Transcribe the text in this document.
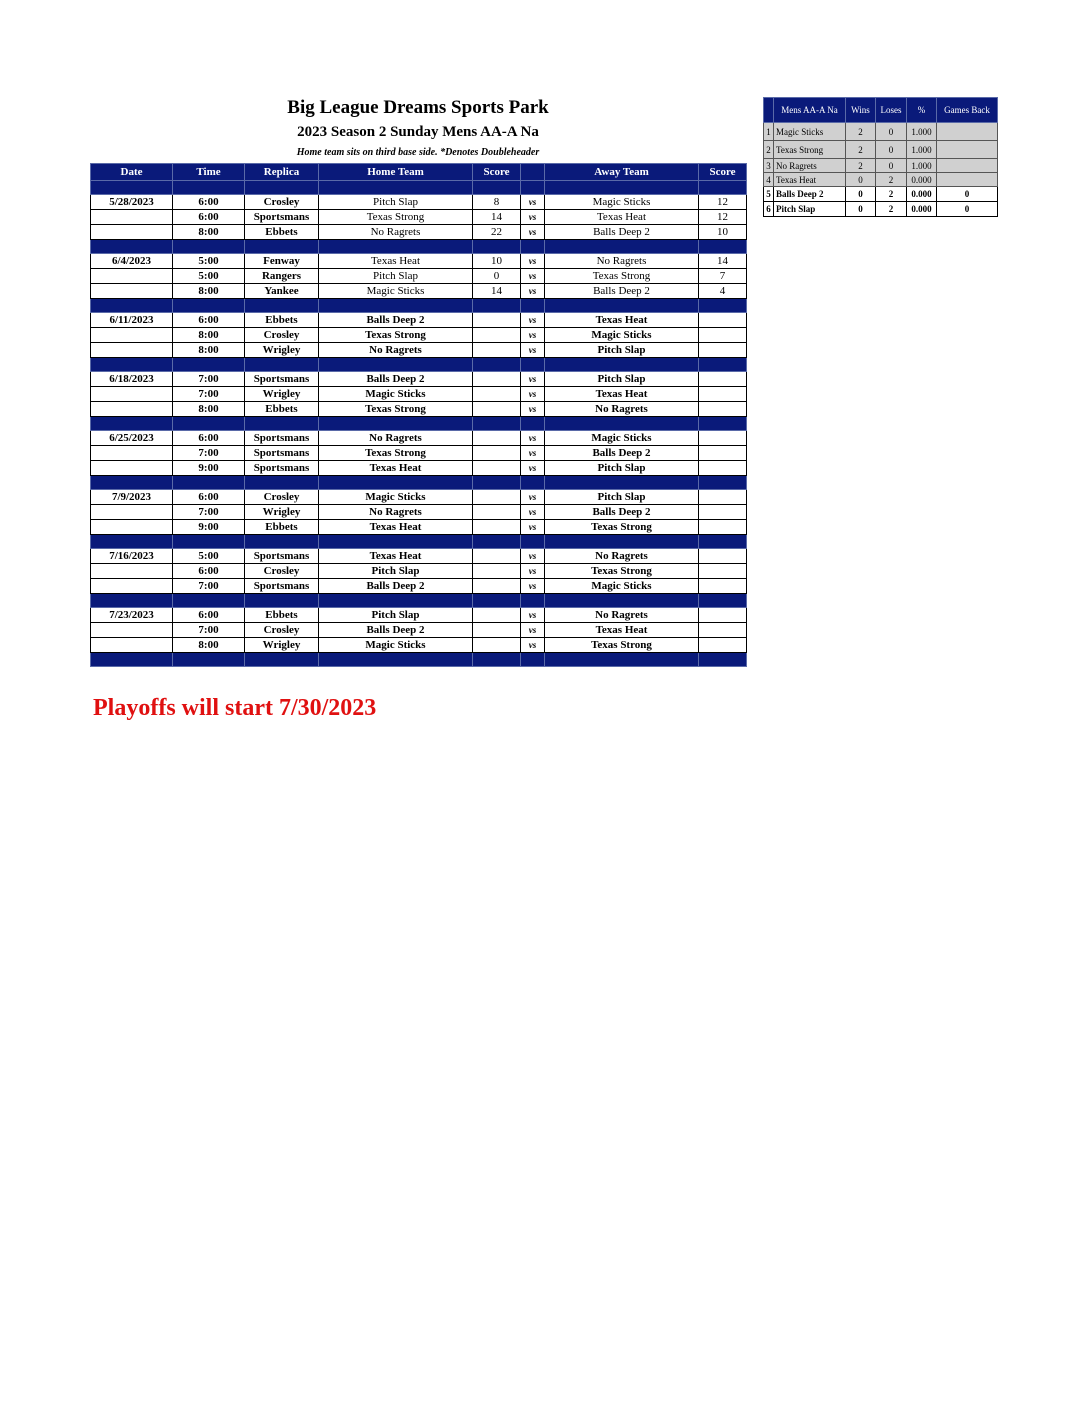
Big League Dreams Sports Park
2023 Season 2 Sunday Mens AA-A Na
Home team sits on third base side. *Denotes Doubleheader
Date	Time	Replica	Home Team	Score		Away Team	Score

5/28/2023	6:00	Crosley	Pitch Slap	8	vs	Magic Sticks	12
	6:00	Sportsmans	Texas Strong	14	vs	Texas Heat	12
	8:00	Ebbets	No Ragrets	22	vs	Balls Deep 2	10

6/4/2023	5:00	Fenway	Texas Heat	10	vs	No Ragrets	14
	5:00	Rangers	Pitch Slap	0	vs	Texas Strong	7
	8:00	Yankee	Magic Sticks	14	vs	Balls Deep 2	4

6/11/2023	6:00	Ebbets	Balls Deep 2		vs	Texas Heat	
	8:00	Crosley	Texas Strong		vs	Magic Sticks	
	8:00	Wrigley	No Ragrets		vs	Pitch Slap	

6/18/2023	7:00	Sportsmans	Balls Deep 2		vs	Pitch Slap	
	7:00	Wrigley	Magic Sticks		vs	Texas Heat	
	8:00	Ebbets	Texas Strong		vs	No Ragrets	

6/25/2023	6:00	Sportsmans	No Ragrets		vs	Magic Sticks	
	7:00	Sportsmans	Texas Strong		vs	Balls Deep 2	
	9:00	Sportsmans	Texas Heat		vs	Pitch Slap	

7/9/2023	6:00	Crosley	Magic Sticks		vs	Pitch Slap	
	7:00	Wrigley	No Ragrets		vs	Balls Deep 2	
	9:00	Ebbets	Texas Heat		vs	Texas Strong	

7/16/2023	5:00	Sportsmans	Texas Heat		vs	No Ragrets	
	6:00	Crosley	Pitch Slap		vs	Texas Strong	
	7:00	Sportsmans	Balls Deep 2		vs	Magic Sticks	

7/23/2023	6:00	Ebbets	Pitch Slap		vs	No Ragrets	
	7:00	Crosley	Balls Deep 2		vs	Texas Heat	
	8:00	Wrigley	Magic Sticks		vs	Texas Strong	

	Mens AA-A Na	Wins	Loses	%	Games Back
1	Magic Sticks	2	0	1.000	
2	Texas Strong	2	0	1.000	
3	No Ragrets	2	0	1.000	
4	Texas Heat	0	2	0.000	
5	Balls Deep 2	0	2	0.000	0
6	Pitch Slap	0	2	0.000	0
Playoffs will start 7/30/2023
